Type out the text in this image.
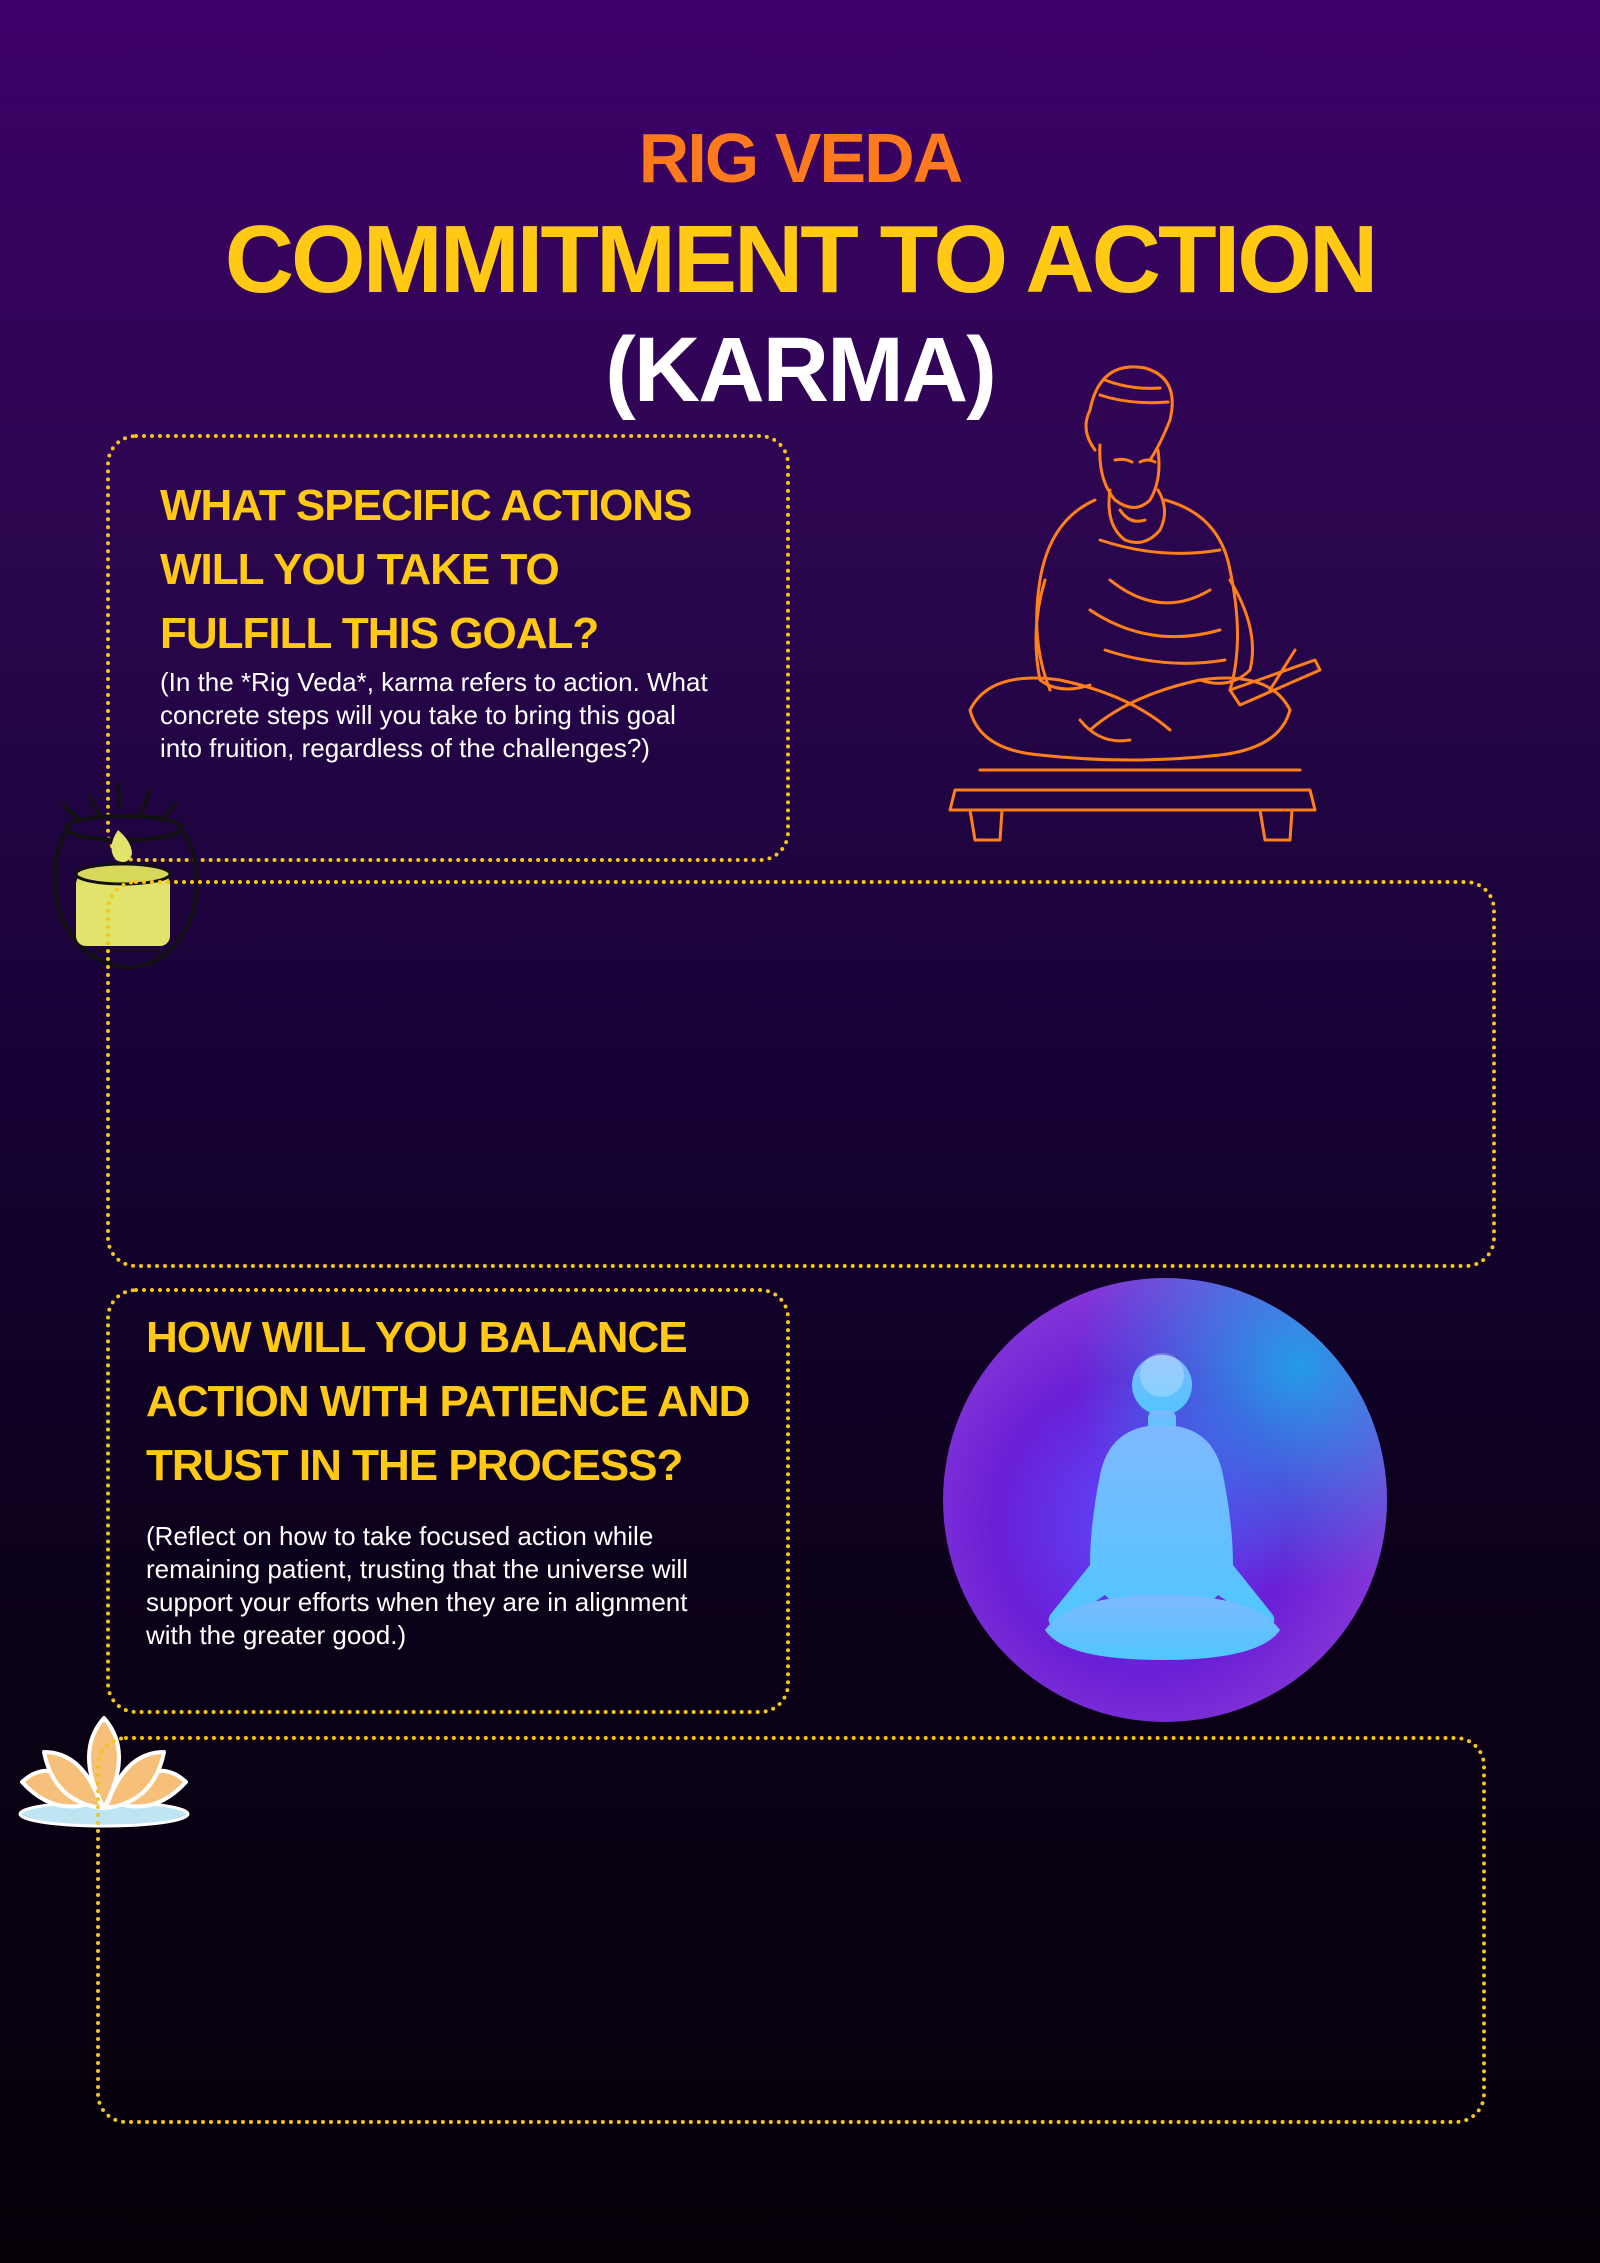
RIG VEDA
COMMITMENT TO ACTION
(KARMA)
WHAT SPECIFIC ACTIONS WILL YOU TAKE TO FULFILL THIS GOAL?
(In the *Rig Veda*, karma refers to action. What concrete steps will you take to bring this goal into fruition, regardless of the challenges?)
HOW WILL YOU BALANCE ACTION WITH PATIENCE AND TRUST IN THE PROCESS?
(Reflect on how to take focused action while remaining patient, trusting that the universe will support your efforts when they are in alignment with the greater good.)
